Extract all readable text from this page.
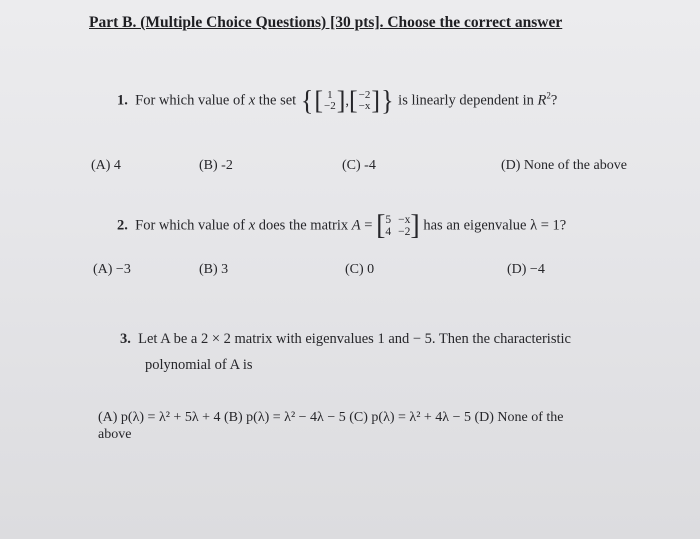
Part B. (Multiple Choice Questions) [30 pts]. Choose the correct answer
1. For which value of x the set { [ 1
−2 ] , [ −2
−x ] } is linearly dependent in $R^2$?
(A) 4	(B) -2	(C) -4	(D) None of the above
2. For which value of x does the matrix A = [ 5 −x
4 −2 ] has an eigenvalue λ = 1?
(A) −3	(B) 3	(C) 0	(D) −4
3. Let A be a 2 × 2 matrix with eigenvalues 1 and − 5. Then the characteristic
polynomial of A is
(A) p(λ) = λ² + 5λ + 4 (B) p(λ) = λ² − 4λ − 5 (C) p(λ) = λ² + 4λ − 5 (D) None of the
above
